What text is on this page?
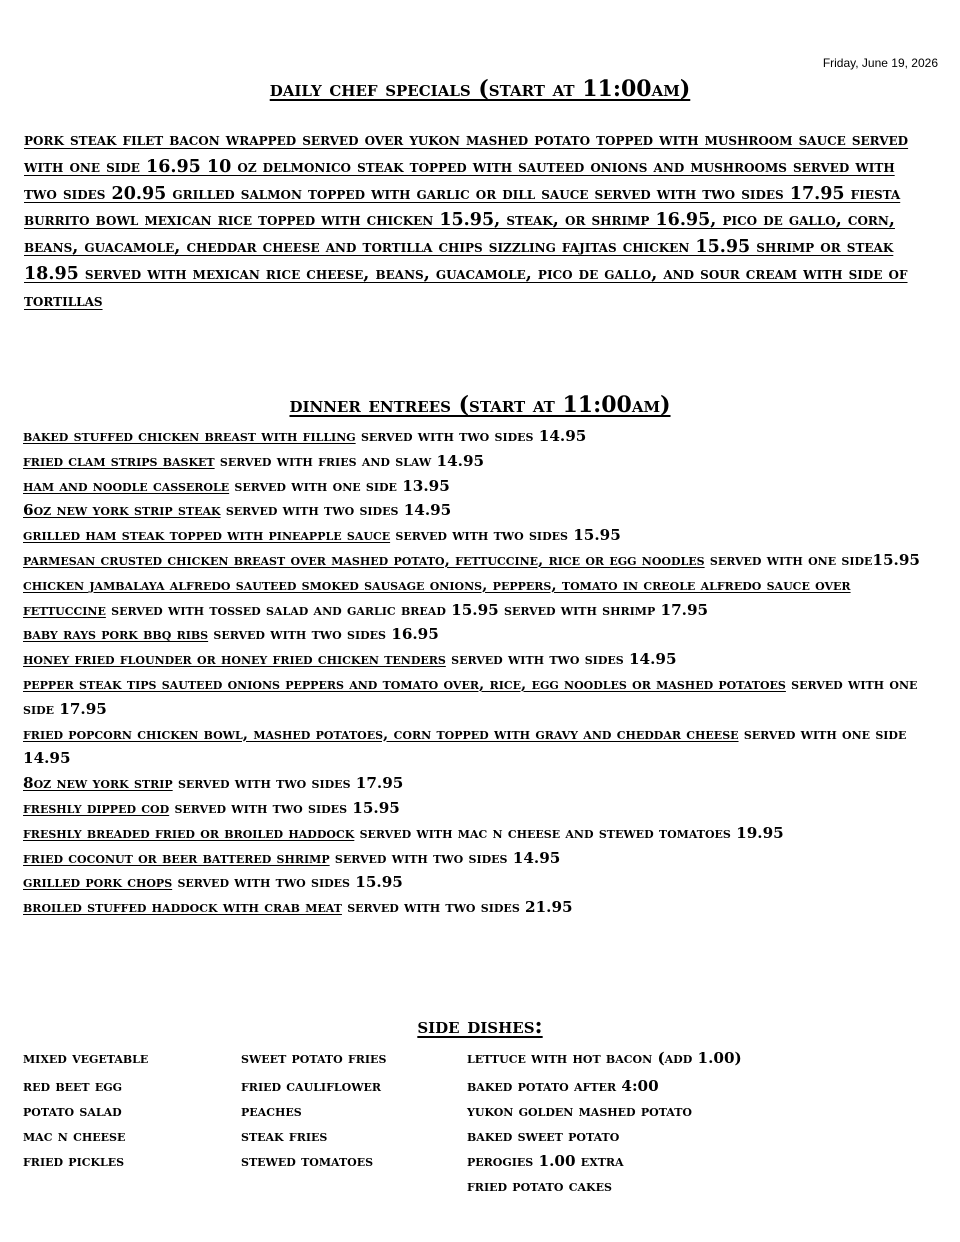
Friday, June 19, 2026
daily chef specials (start at 11:00am)

pork steak filet bacon wrapped served over yukon mashed potato topped with mushroom sauce served with one side 16.95 10 oz delmonico steak topped with sauteed onions and mushrooms served with two sides 20.95 grilled salmon topped with garlic or dill sauce served with two sides 17.95 fiesta burrito bowl mexican rice topped with chicken 15.95, steak, or shrimp 16.95, pico de gallo, corn, beans, guacamole, cheddar cheese and tortilla chips sizzling fajitas chicken 15.95 shrimp or steak 18.95 served with mexican rice cheese, beans, guacamole, pico de gallo, and sour cream with side of tortillas

dinner entrees (start at 11:00am)

baked stuffed chicken breast with filling served with two sides 14.95

fried clam strips basket served with fries and slaw 14.95

ham and noodle casserole served with one side 13.95

6oz new york strip steak served with two sides 14.95

grilled ham steak topped with pineapple sauce served with two sides 15.95

parmesan crusted chicken breast over mashed potato, fettuccine, rice or egg noodles served with one side15.95

chicken jambalaya alfredo sauteed smoked sausage onions, peppers, tomato in creole alfredo sauce over fettuccine served with tossed salad and garlic bread 15.95 served with shrimp 17.95

baby rays pork bbq ribs served with two sides 16.95

honey fried flounder or honey fried chicken tenders served with two sides 14.95

pepper steak tips sauteed onions peppers and tomato over, rice, egg noodles or mashed potatoes served with one side 17.95

fried popcorn chicken bowl, mashed potatoes, corn topped with gravy and cheddar cheese served with one side 14.95

8oz new york strip served with two sides 17.95

freshly dipped cod served with two sides 15.95

freshly breaded fried or broiled haddock served with mac n cheese and stewed tomatoes 19.95

fried coconut or beer battered shrimp served with two sides 14.95

grilled pork chops served with two sides 15.95

broiled stuffed haddock with crab meat served with two sides 21.95

side dishes:
mixed vegetable
red beet egg
potato salad
mac n cheese
fried pickles
sweet potato fries
fried cauliflower
peaches
steak fries
stewed tomatoes
lettuce with hot bacon (add 1.00)
baked potato after 4:00
yukon golden mashed potato
baked sweet potato
perogies 1.00 extra
fried potato cakes
